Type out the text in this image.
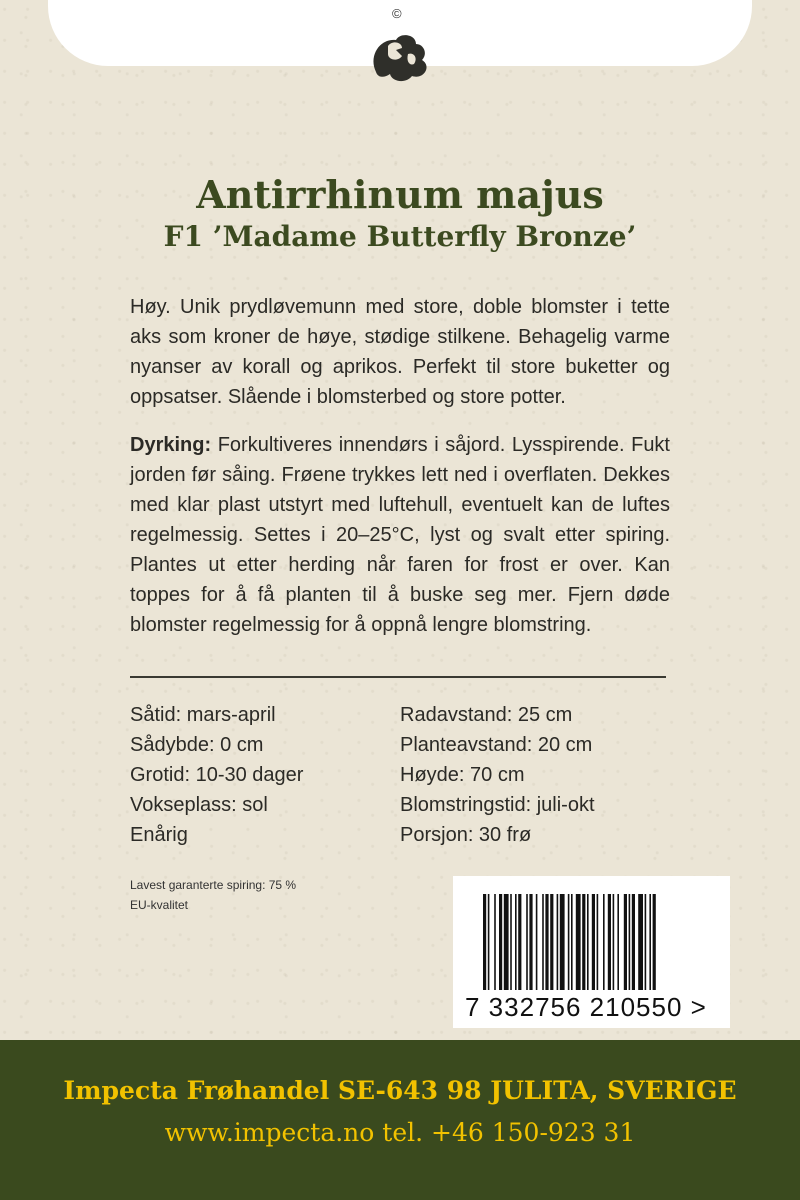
©
Antirrhinum majus
F1 ’Madame Butterfly Bronze’

Høy. Unik prydløvemunn med store, doble blomster i tette aks som kroner de høye, stødige stilkene. Behagelig varme nyanser av korall og aprikos. Perfekt til store buketter og oppsatser. Slående i blomsterbed og store potter.

Dyrking: Forkultiveres innendørs i såjord. Lysspirende. Fukt jorden før såing. Frøene trykkes lett ned i overflaten. Dekkes med klar plast utstyrt med luftehull, eventuelt kan de luftes regelmessig. Settes i 20–25°C, lyst og svalt etter spiring. Plantes ut etter herding når faren for frost er over. Kan toppes for å få planten til å buske seg mer. Fjern døde blomster regelmessig for å oppnå lengre blomstring.

Såtid: mars-april
Sådybde: 0 cm
Grotid: 10-30 dager
Vokseplass: sol
Enårig
Radavstand: 25 cm
Planteavstand: 20 cm
Høyde: 70 cm
Blomstringstid: juli-okt
Porsjon: 30 frø
Lavest garanterte spiring: 75 %
EU-kvalitet
7 332756 210550 >

Impecta Frøhandel SE-643 98 JULITA, SVERIGE

www.impecta.no tel. +46 150-923 31
